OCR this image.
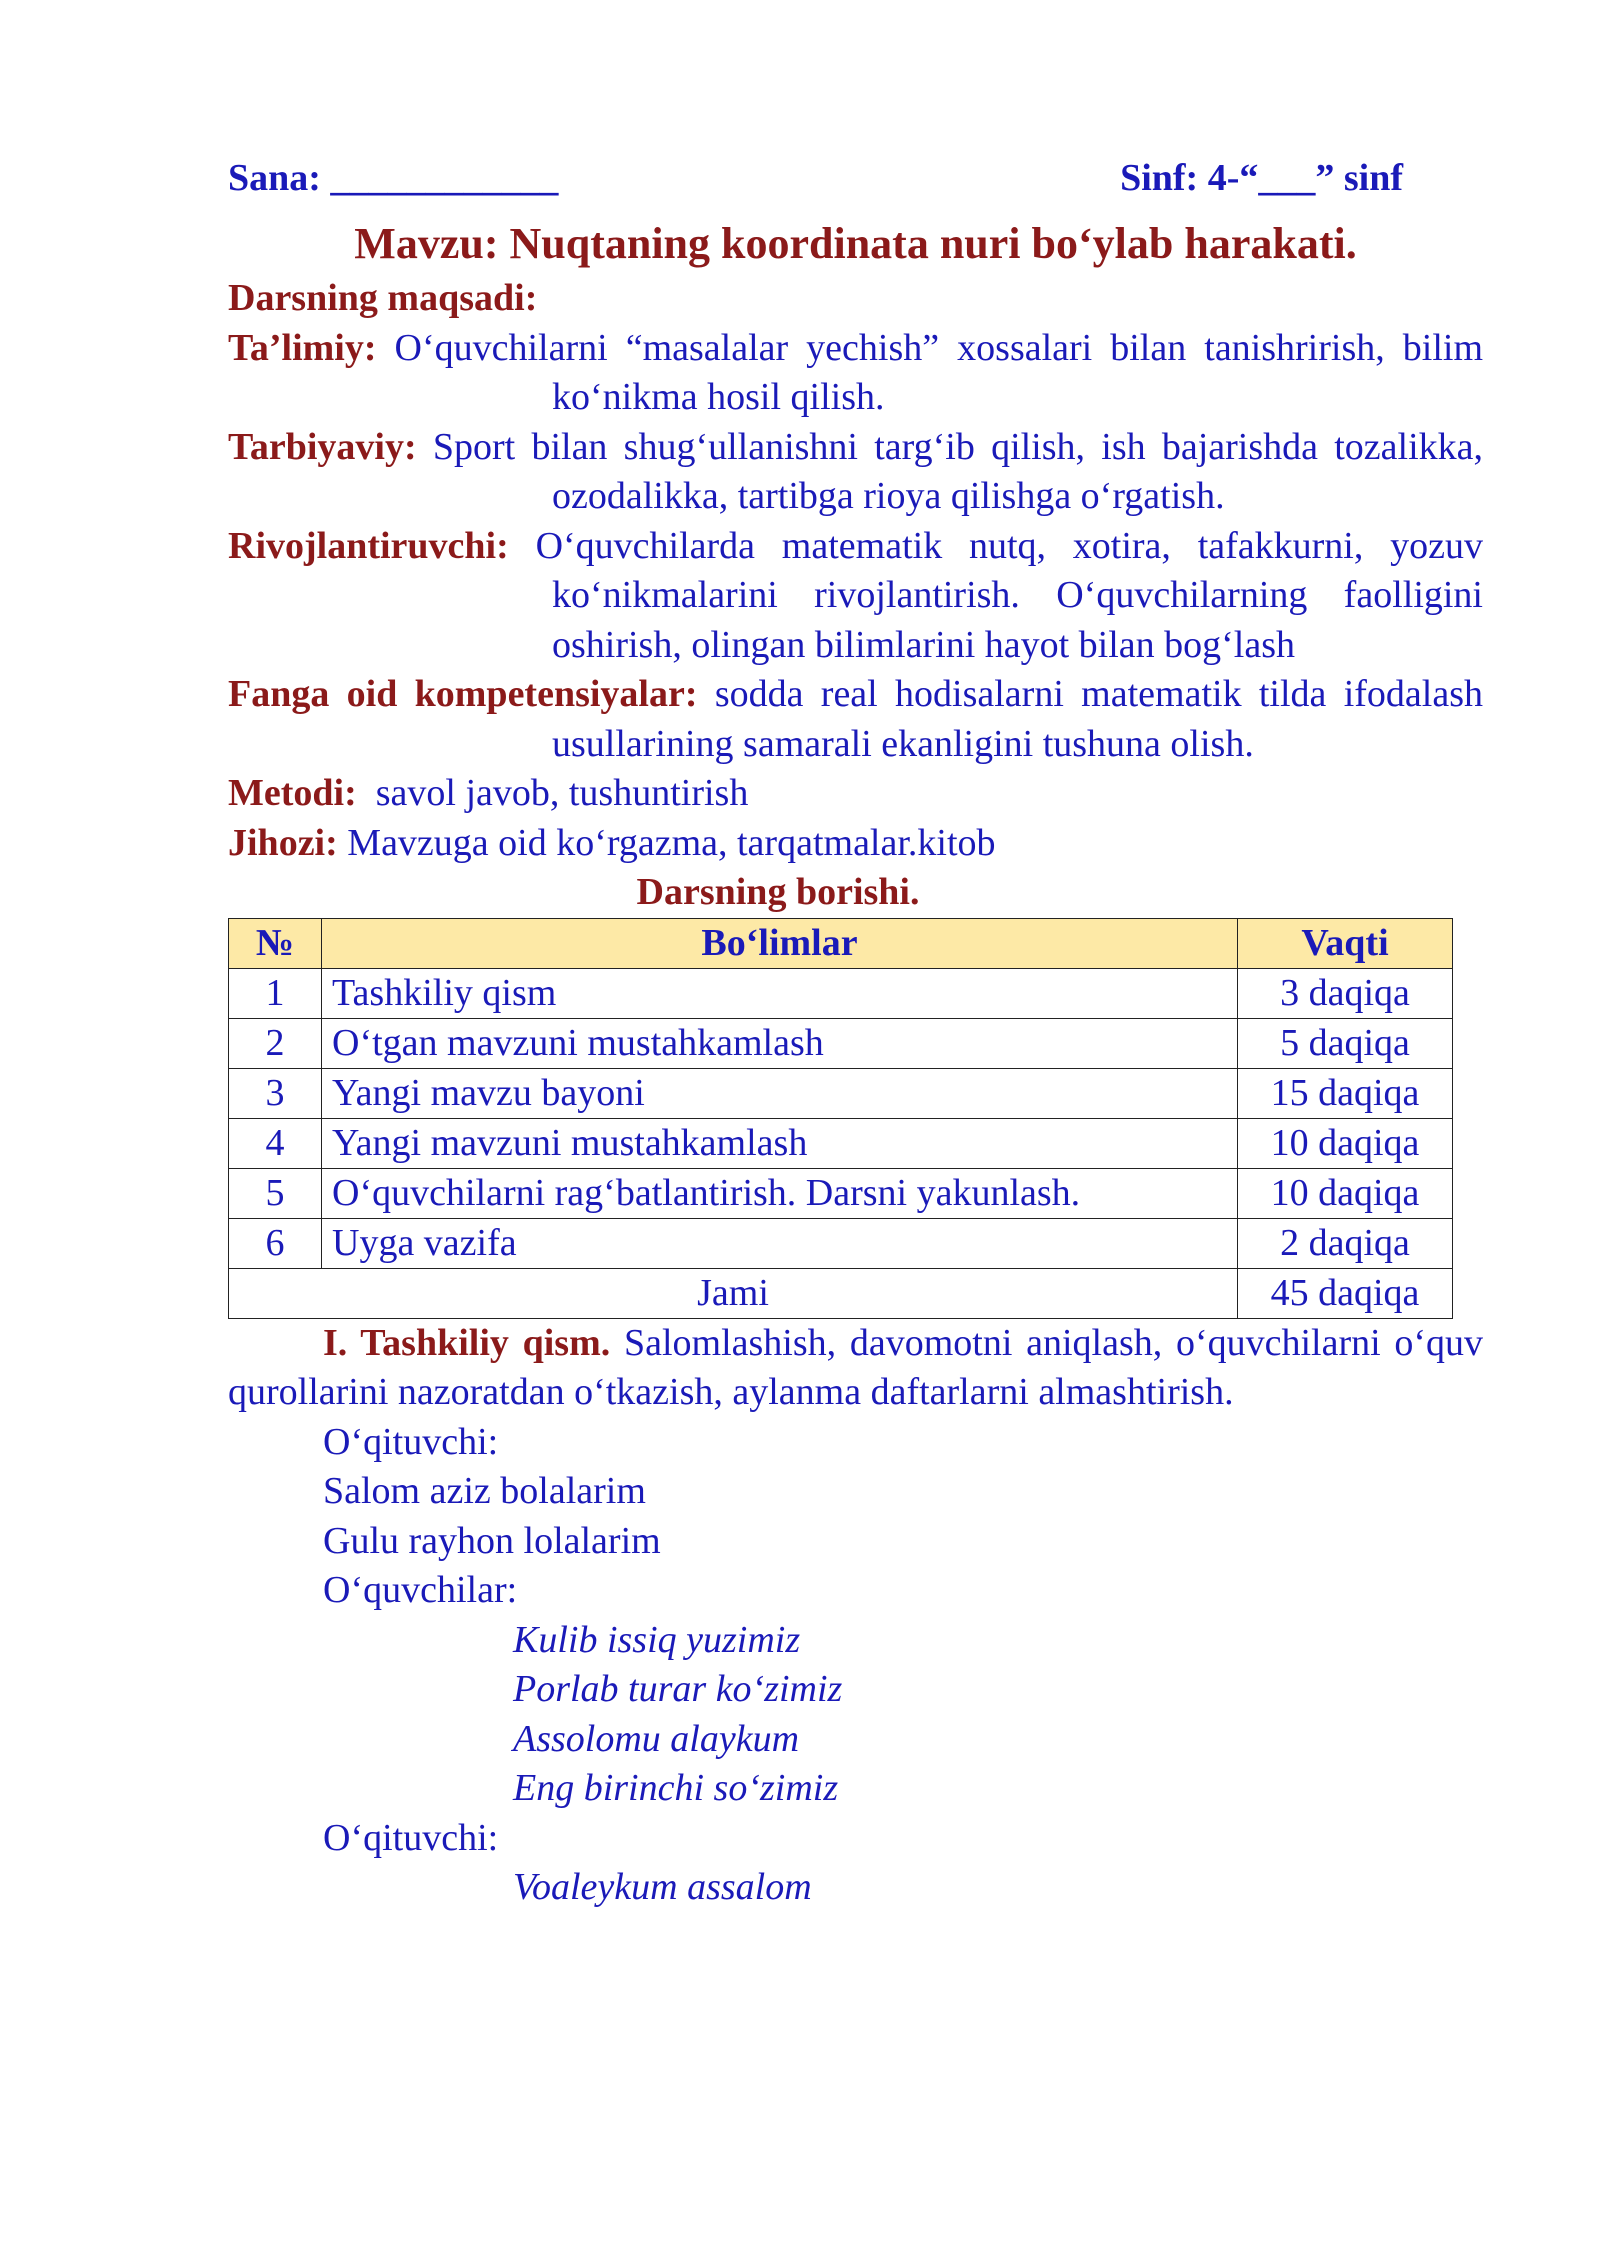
Sana: ____________	Sinf: 4-“___” sinf
Mavzu: Nuqtaning koordinata nuri bo‘ylab harakati.
Darsning maqsadi:
Ta’limiy: O‘quvchilarni “masalalar yechish” xossalari bilan tanishrirish, bilim ko‘nikma hosil qilish.
Tarbiyaviy: Sport bilan shug‘ullanishni targ‘ib qilish, ish bajarishda tozalikka, ozodalikka, tartibga rioya qilishga o‘rgatish.
Rivojlantiruvchi: O‘quvchilarda matematik nutq, xotira, tafakkurni, yozuv ko‘nikmalarini rivojlantirish. O‘quvchilarning faolligini oshirish, olingan bilimlarini hayot bilan bog‘lash
Fanga oid kompetensiyalar: sodda real hodisalarni matematik tilda ifodalash usullarining samarali ekanligini tushuna olish.
Metodi: savol javob, tushuntirish
Jihozi: Mavzuga oid ko‘rgazma, tarqatmalar.kitob
Darsning borishi.
№	Bo‘limlar	Vaqti
1	Tashkiliy qism	3 daqiqa
2	O‘tgan mavzuni mustahkamlash	5 daqiqa
3	Yangi mavzu bayoni	15 daqiqa
4	Yangi mavzuni mustahkamlash	10 daqiqa
5	O‘quvchilarni rag‘batlantirish. Darsni yakunlash.	10 daqiqa
6	Uyga vazifa	2 daqiqa
Jami		45 daqiqa
I. Tashkiliy qism. Salomlashish, davomotni aniqlash, o‘quvchilarni o‘quv qurollarini nazoratdan o‘tkazish, aylanma daftarlarni almashtirish.
O‘qituvchi:
Salom aziz bolalarim
Gulu rayhon lolalarim
O‘quvchilar:
Kulib issiq yuzimiz
Porlab turar ko‘zimiz
Assolomu alaykum
Eng birinchi so‘zimiz
O‘qituvchi:
Voaleykum assalom
